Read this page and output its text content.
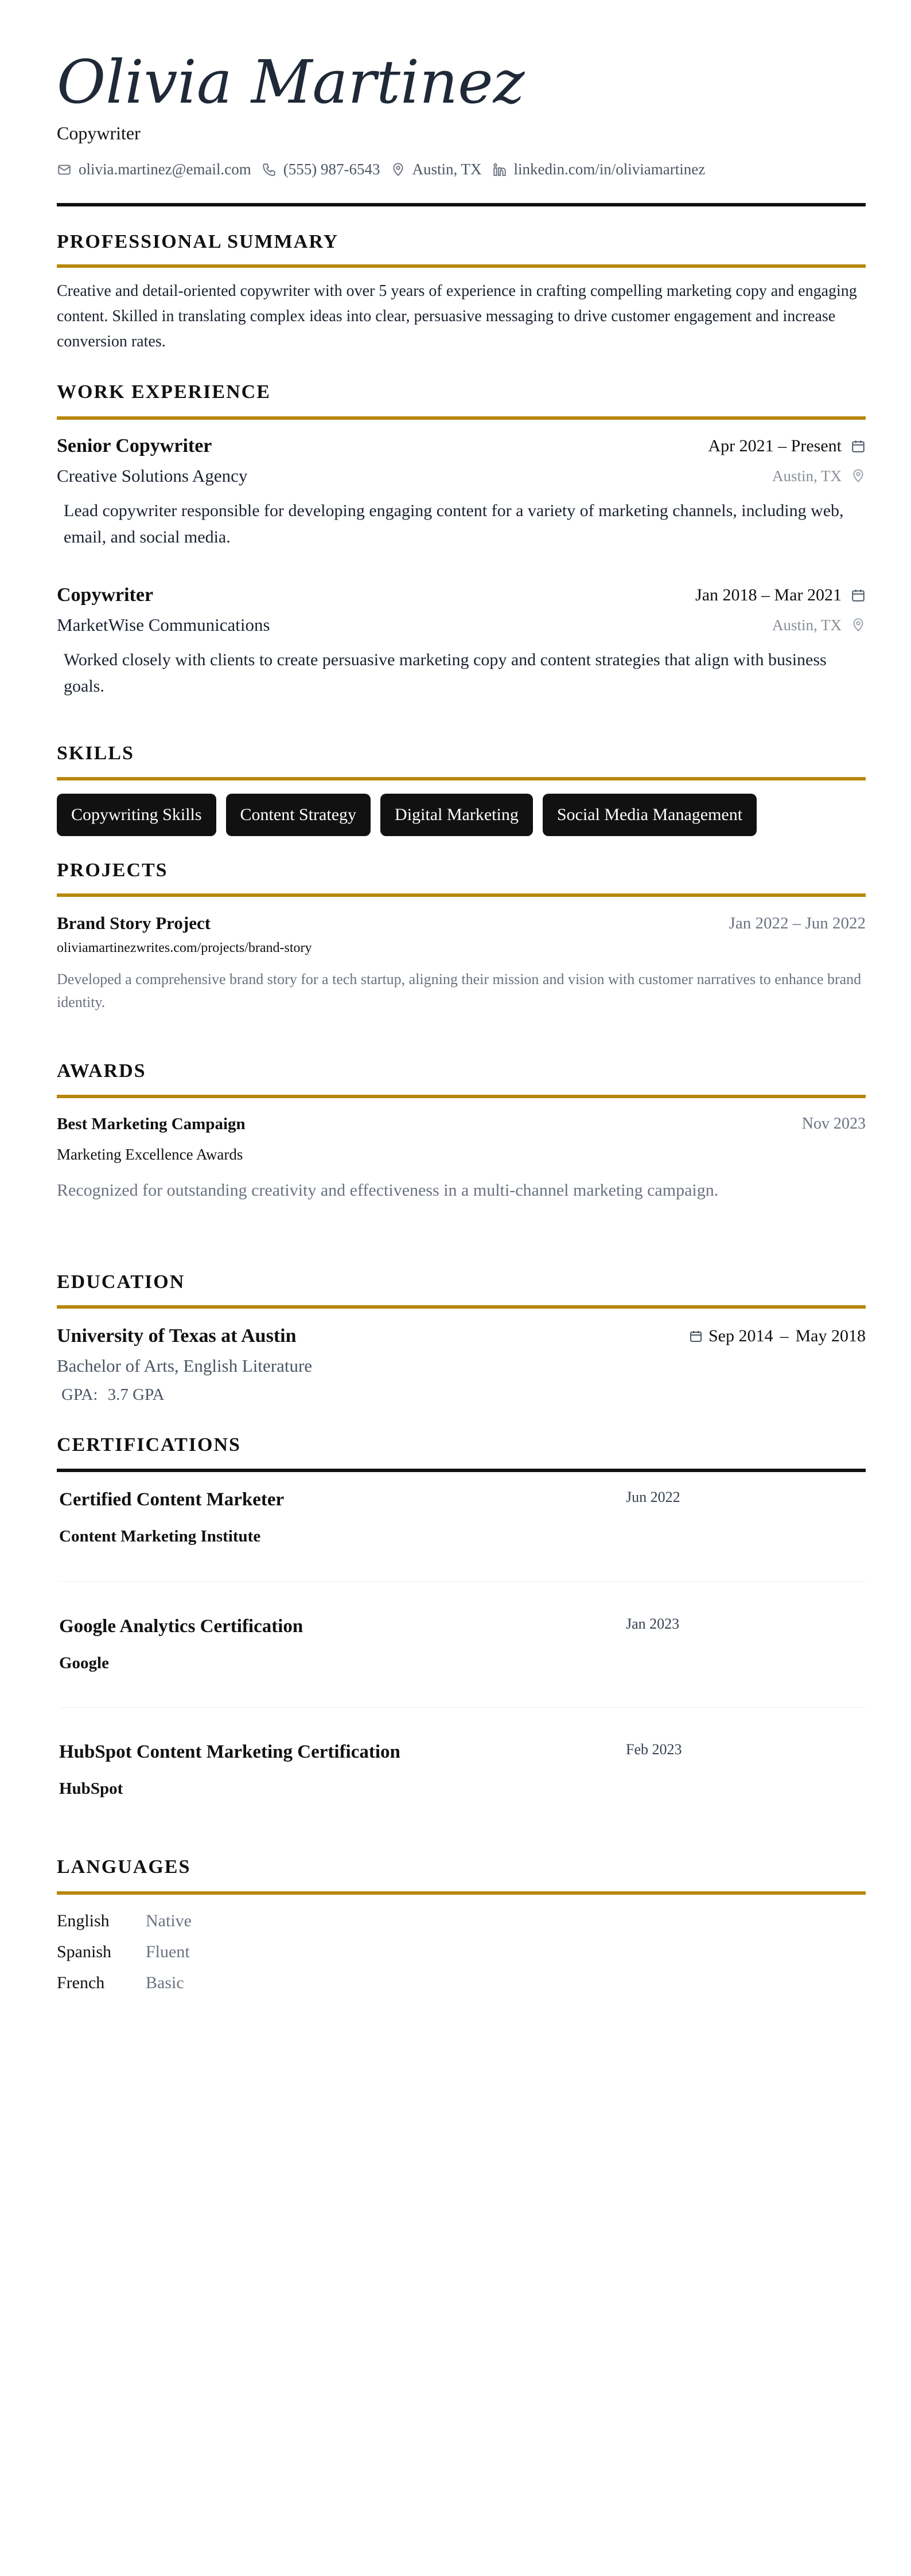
Olivia Martinez
Copywriter
olivia.martinez@email.com (555) 987-6543 Austin, TX linkedin.com/in/oliviamartinez
PROFESSIONAL SUMMARY
Creative and detail-oriented copywriter with over 5 years of experience in crafting compelling marketing copy and engaging content. Skilled in translating complex ideas into clear, persuasive messaging to drive customer engagement and increase conversion rates.
WORK EXPERIENCE
Senior Copywriter	Apr 2021 – Present
Creative Solutions Agency	Austin, TX
Lead copywriter responsible for developing engaging content for a variety of marketing channels, including web, email, and social media.
Copywriter	Jan 2018 – Mar 2021
MarketWise Communications	Austin, TX
Worked closely with clients to create persuasive marketing copy and content strategies that align with business goals.
SKILLS
Copywriting Skills	Content Strategy	Digital Marketing	Social Media Management
PROJECTS
Brand Story Project	Jan 2022 – Jun 2022
oliviamartinezwrites.com/projects/brand-story
Developed a comprehensive brand story for a tech startup, aligning their mission and vision with customer narratives to enhance brand identity.
AWARDS
Best Marketing Campaign	Nov 2023
Marketing Excellence Awards
Recognized for outstanding creativity and effectiveness in a multi-channel marketing campaign.
EDUCATION
University of Texas at Austin	Sep 2014 – May 2018
Bachelor of Arts, English Literature
GPA: 3.7 GPA
CERTIFICATIONS
Certified Content Marketer	Jun 2022
Content Marketing Institute
Google Analytics Certification	Jan 2023
Google
HubSpot Content Marketing Certification	Feb 2023
HubSpot
LANGUAGES
English Native
Spanish Fluent
French Basic
